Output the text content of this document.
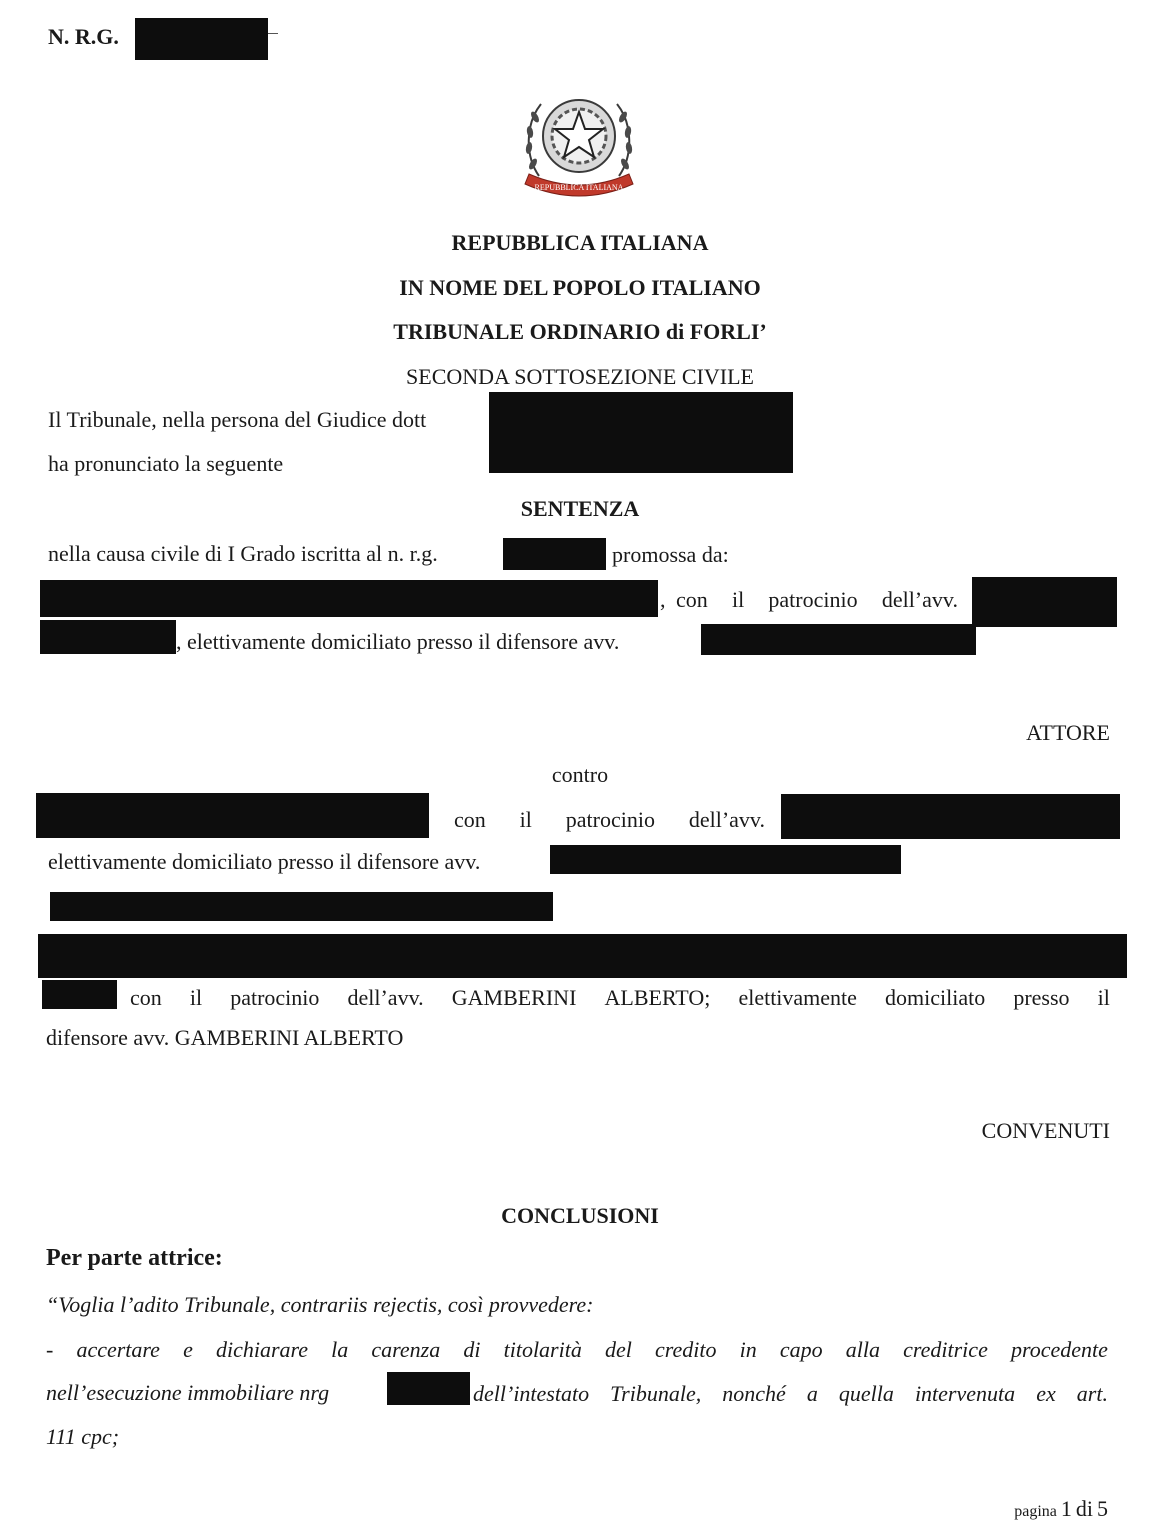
N. R.G.
REPUBBLICA ITALIANA
REPUBBLICA ITALIANA
IN NOME DEL POPOLO ITALIANO
TRIBUNALE ORDINARIO di FORLI’
SECONDA SOTTOSEZIONE CIVILE
Il Tribunale, nella persona del Giudice dott
ha pronunciato la seguente
SENTENZA
nella causa civile di I Grado iscritta al n. r.g.	promossa da:
, con il patrocinio dell’avv.
, elettivamente domiciliato presso il difensore avv.
ATTORE
contro
con il patrocinio dell’avv.
elettivamente domiciliato presso il difensore avv.
con il patrocinio dell’avv. GAMBERINI ALBERTO; elettivamente domiciliato presso il
difensore avv. GAMBERINI ALBERTO
CONVENUTI
CONCLUSIONI
Per parte attrice:
“Voglia l’adito Tribunale, contrariis rejectis, così provvedere:
- accertare e dichiarare la carenza di titolarità del credito in capo alla creditrice procedente
nell’esecuzione immobiliare nrg	dell’intestato Tribunale, nonché a quella intervenuta ex art.
111 cpc;
pagina 1 di 5
